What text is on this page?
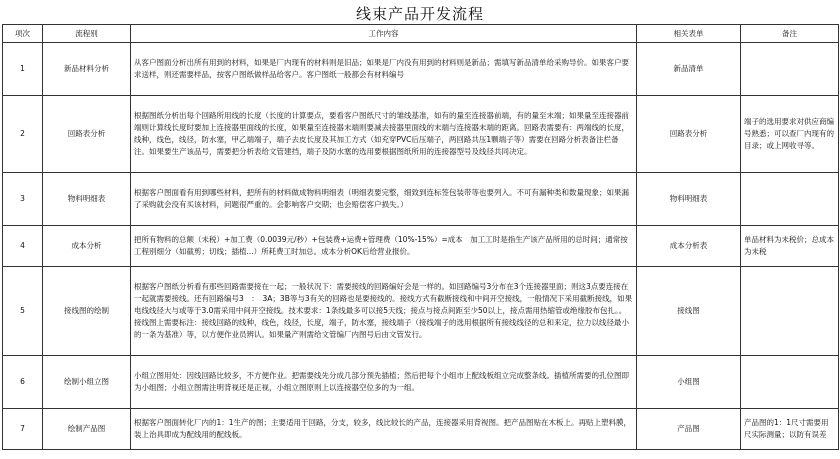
线束产品开发流程
项次	流程别	工作内容	相关表单	备注
1	新品材料分析	从客户图面分析出所有用到的材料，如果是厂内现有的材料则是旧品；如果是厂内没有用到的材料则是新品；需填写新品清单给采购导价。如果客户要求送样，则还需要样品，按客户图纸做样品给客户。客户图纸一般都会有材料编号	新品清单	
2	回路表分析	根据图纸分析出每个回路所用线的长度（长度的计算要点，要看客户图纸尺寸的雏线基准，如有的量至连接器前端，有的量至末端；如果量至连接器前端则计算线长度时要加上连接器里面线的长度，如果量至连接器末端则要减去接器里面线的末端与连接器末端的距离。回路表需要有：两端线的长度，线种，线色，线径，防水塞，甲乙端端子，端子去皮长度及其加工方式（如充穿PVC后压端子，两回路共压1颗端子等）需要在回路分析表备注栏备注。如果要生产该品号，需要把分析表给文管建挡，端子及防水塞的选用要根据图纸所用的连接器型号及线径共同决定。	回路表分析	端子的选用要求对供应商编号熟悉；可以查厂内现有的目录；或上网收寻等。
3	物料明细表	根据客户图面看有用到哪些材料，把所有的材料做成物料明细表（明细表要完整，细致到连标签包装带等也要列入。不可有漏种类和数量现象；如果漏了采购就会没有买该材料，问题很严重的。会影响客户交期；也会赔偿客户损失。）	物料明细表	
4	成本分析	把所有物料的总额（未税）+加工费（0.0039元/秒）+包装费+运费+管理费（10%-15%）=成本　加工工时是指生产该产品所用的总时间；通常按工程别细分（如截剪；切线；插植...）所耗费工时加总。成本分析OK后给营业报价。	成本分析表	单品材料为未税价；总成本为未税
5	接线图的绘制	根据客户图纸分析看有那些回路需要接在一起；一般状况下：需要接线的回路编好会是一样的。如回路编号3分布在3个连接器里面；则这3点要连接在一起就需要接线。还有回路编号3　：　3A；3B等与3有关的回路也是要接线的。接线方式有截断接线和中间开空接线，一般情况下采用截断接线，如果电线线径大与或等于3.0需采用中间开空接线。技术要求：1条线最多可以接5天线；接点与接点间距至少50以上，接点需用热缩管或绝缘胶布包扎。。接线图上需要标注：接线回路的线种，线色，线径，长度，端子，防水塞，接线端子（接线端子的选用根据所有接线线径的总和来定，拉力以线径最小的一条为基准）等，以方便作业员辨认。如果量产则需给文管编厂内图号后由文管发行。	接线图	
6	绘制小组立图	小组立图用处：因线回路比较多，不方便作业。把需要线先分成几部分预先插植；然后把每个小组市上配线板组立完成整条线。插植所需要的孔位图即为小组图；小组立图需注明背视还是正视，小组立图原则上以连接器空位多的为一组。	小组图	
7	绘制产品图	根据客户图面转化厂内的1：1生产的图；主要适用于回路，分支，较多，线比较长的产品，连接器采用背视图。把产品图贴在木板上。再贴上塑料膜，装上治具即成为配线用的配线板。	产品图	产品图的1：1尺寸需要用尺实际测量；以防有误差
